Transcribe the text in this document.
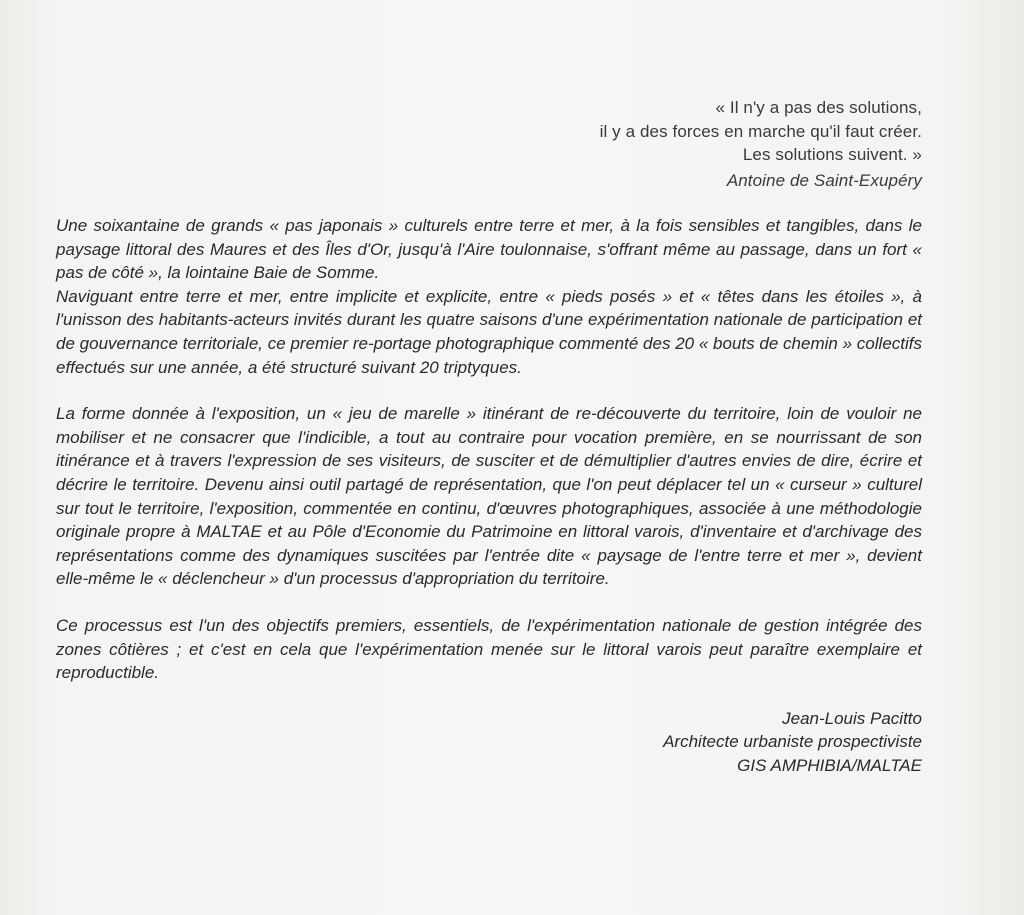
« Il n'y a pas des solutions,
il y a des forces en marche qu'il faut créer.
Les solutions suivent. »
Antoine de Saint-Exupéry

Une soixantaine de grands « pas japonais » culturels entre terre et mer, à la fois sensibles et tangibles, dans le paysage littoral des Maures et des Îles d'Or, jusqu'à l'Aire toulonnaise, s'offrant même au passage, dans un fort « pas de côté », la lointaine Baie de Somme.

Naviguant entre terre et mer, entre implicite et explicite, entre « pieds posés » et « têtes dans les étoiles », à l'unisson des habitants-acteurs invités durant les quatre saisons d'une expérimentation nationale de participation et de gouvernance territoriale, ce premier re-portage photographique commenté des 20 « bouts de chemin » collectifs effectués sur une année, a été structuré suivant 20 triptyques.

La forme donnée à l'exposition, un « jeu de marelle » itinérant de re-découverte du territoire, loin de vouloir ne mobiliser et ne consacrer que l'indicible, a tout au contraire pour vocation première, en se nourrissant de son itinérance et à travers l'expression de ses visiteurs, de susciter et de démultiplier d'autres envies de dire, écrire et décrire le territoire. Devenu ainsi outil partagé de représentation, que l'on peut déplacer tel un « curseur » culturel sur tout le territoire, l'exposition, commentée en continu, d'œuvres photographiques, associée à une méthodologie originale propre à MALTAE et au Pôle d'Economie du Patrimoine en littoral varois, d'inventaire et d'archivage des représentations comme des dynamiques suscitées par l'entrée dite « paysage de l'entre terre et mer », devient elle-même le « déclencheur » d'un processus d'appropriation du territoire.

Ce processus est l'un des objectifs premiers, essentiels, de l'expérimentation nationale de gestion intégrée des zones côtières ; et c'est en cela que l'expérimentation menée sur le littoral varois peut paraître exemplaire et reproductible.

Jean-Louis Pacitto
Architecte urbaniste prospectiviste
GIS AMPHIBIA/MALTAE
